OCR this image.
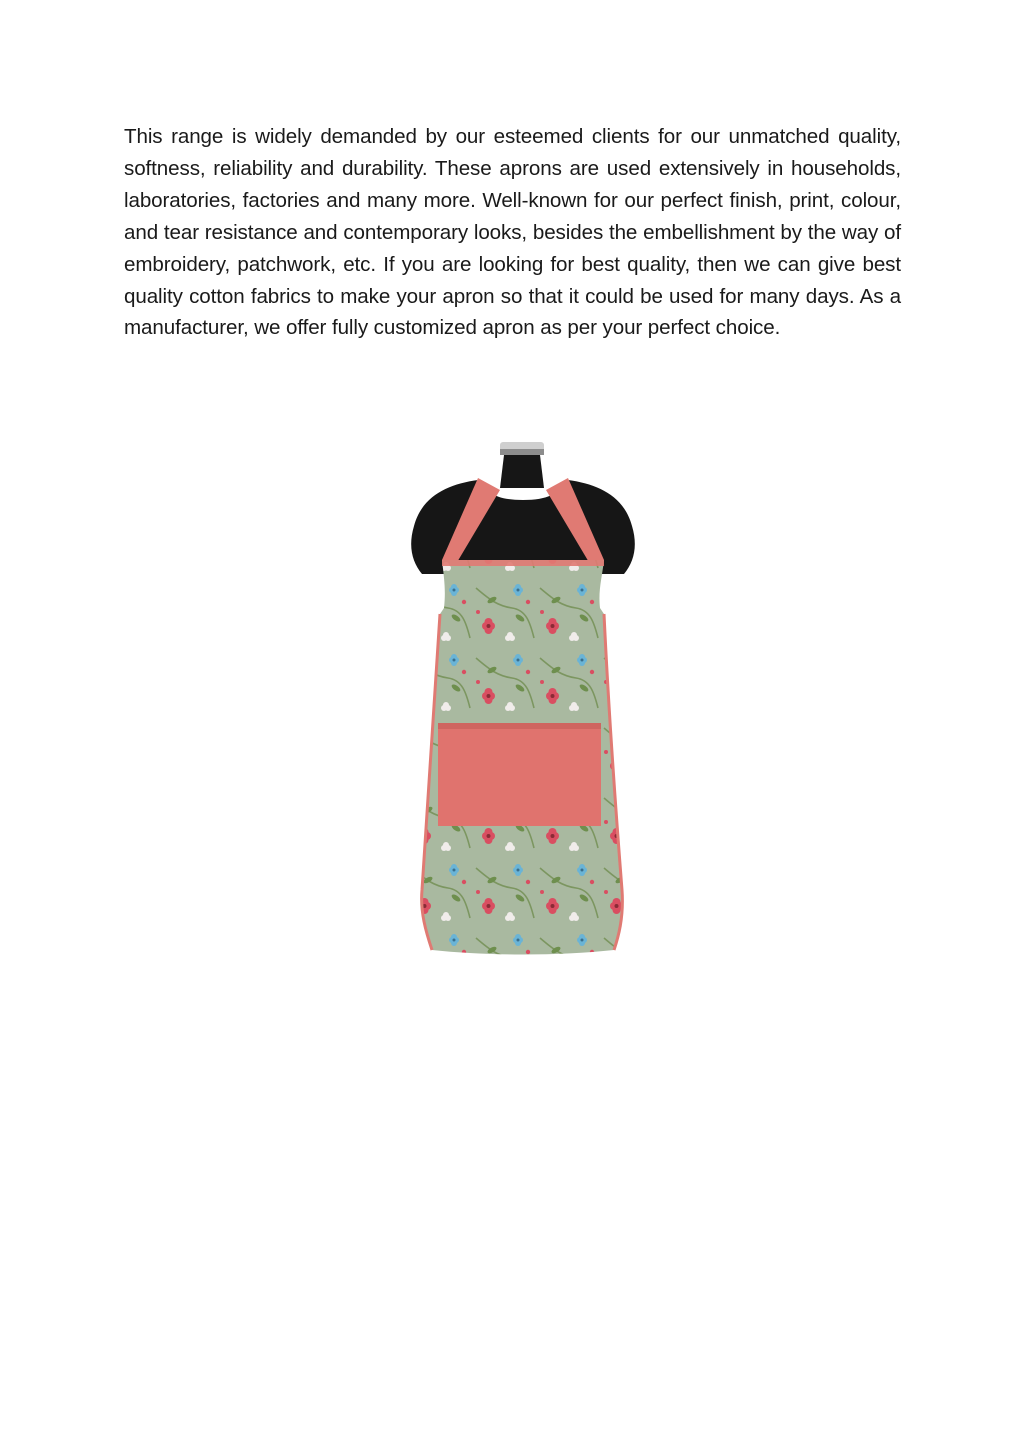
This range is widely demanded by our esteemed clients for our unmatched quality, softness, reliability and durability. These aprons are used extensively in households, laboratories, factories and many more. Well-known for our perfect finish, print, colour, and tear resistance and contemporary looks, besides the embellishment by the way of embroidery, patchwork, etc. If you are looking for best quality, then we can give best quality cotton fabrics to make your apron so that it could be used for many days. As a manufacturer, we offer fully customized apron as per your perfect choice.
